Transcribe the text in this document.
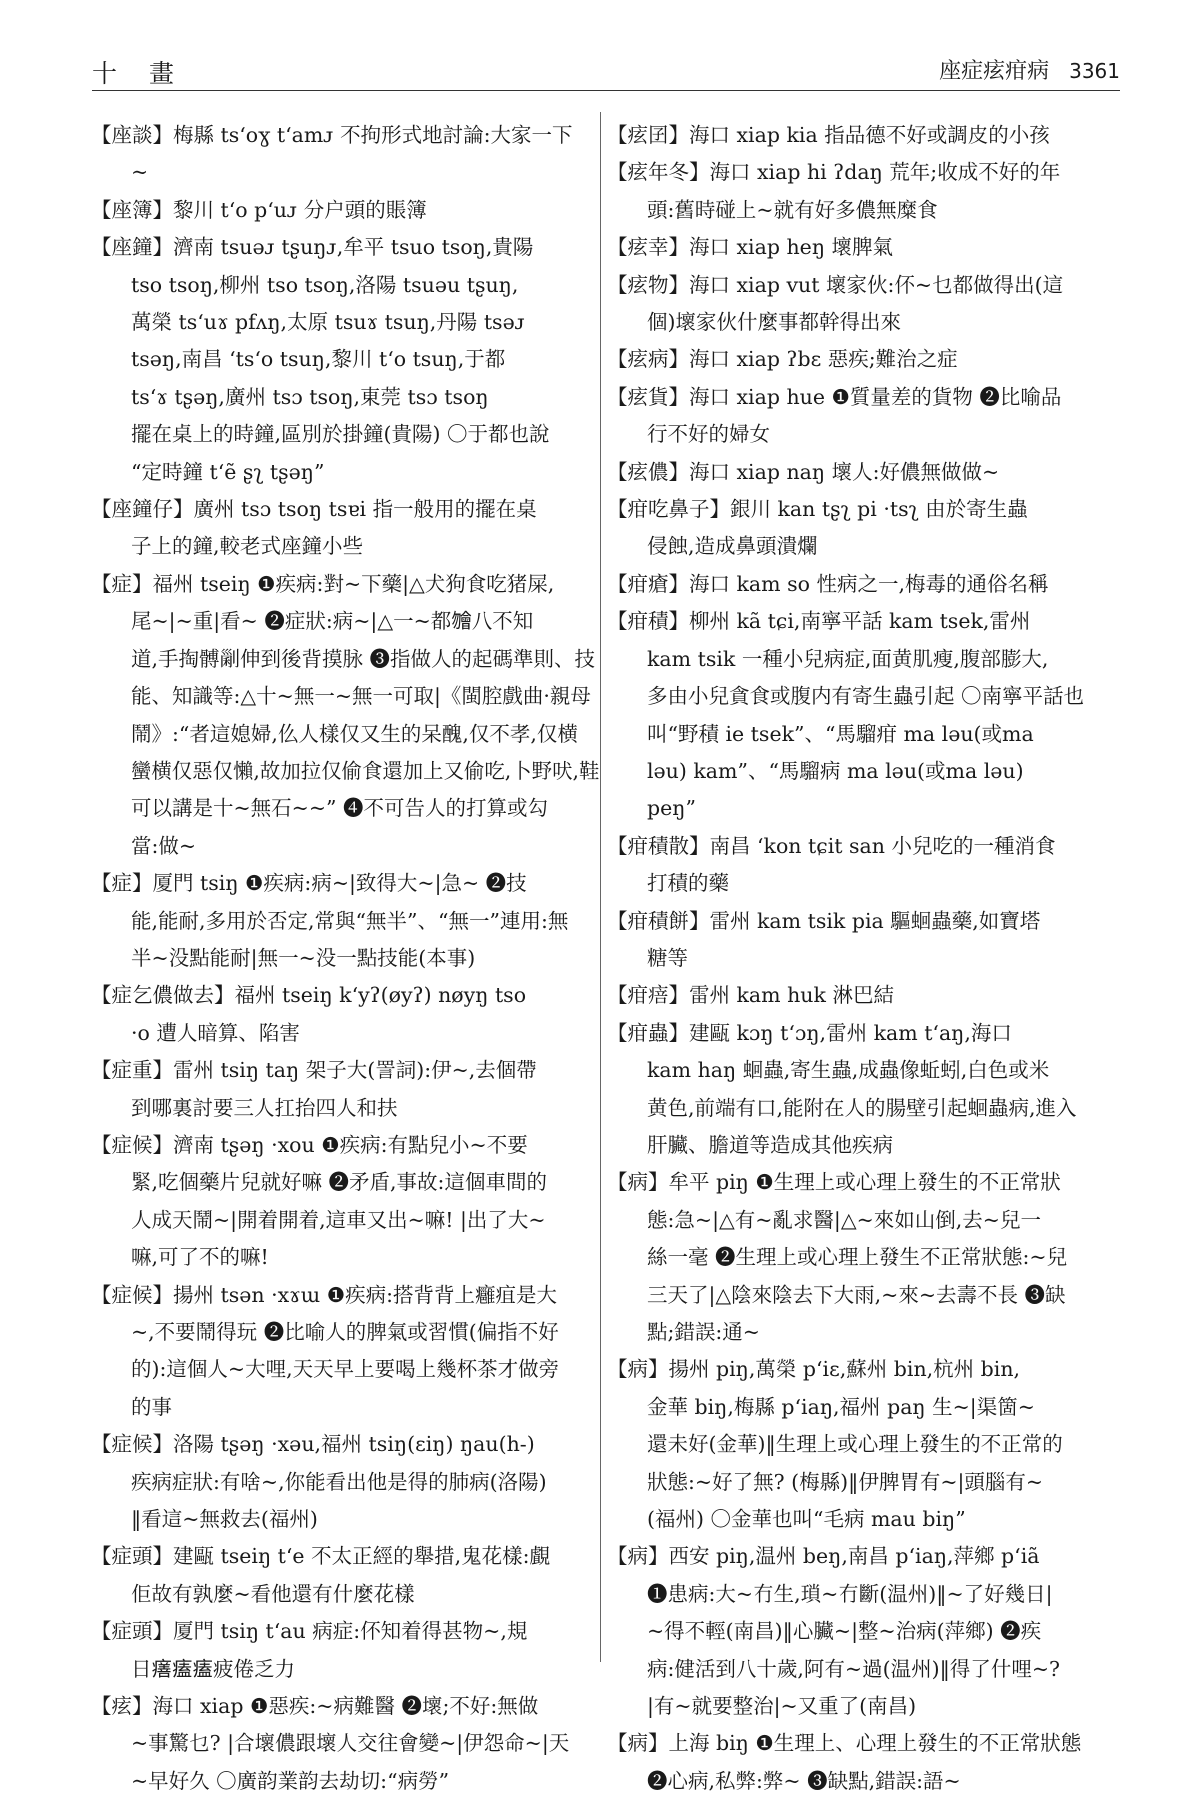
十 畫	座症痃疳病 3361
【座談】梅縣 tsʻoɣ tʻamᴊ 不拘形式地討論:大家一下
~
【座簿】黎川 tʻo pʻuᴊ 分户頭的賬簿
【座鐘】濟南 tsuəᴊ tʂuŋᴊ,牟平 tsuo tsoŋ,貴陽
tso tsoŋ,柳州 tso tsoŋ,洛陽 tsuəu tʂuŋ,
萬榮 tsʻuɤ pfʌŋ,太原 tsuɤ tsuŋ,丹陽 tsəᴊ
tsəŋ,南昌 ʻtsʻo tsuŋ,黎川 tʻo tsuŋ,于都
tsʻɤ tʂəŋ,廣州 tsɔ tsoŋ,東莞 tsɔ tsoŋ
擺在桌上的時鐘,區別於掛鐘(貴陽) 〇于都也說
“定時鐘 tʻẽ ʂʅ tʂəŋ”
【座鐘仔】廣州 tsɔ tsoŋ tsɐi 指一般用的擺在桌
子上的鐘,較老式座鐘小些
【症】福州 tseiŋ ❶疾病:對~下藥|△犬狗食吃猪屎,
尾~|~重|看~ ❷症狀:病~|△一~都𣍐八不知
道,手掏髆𠞜伸到後背摸脉 ❸指做人的起碼準則、技
能、知識等:△十~無一~無一可取|《閩腔戲曲·親母
鬧》:“者這媳婦,仫人樣仅又生的呆醜,仅不孝,仅横
蠻横仅惡仅懶,故加拉仅偷食還加上又偷吃,卜野吠,鞋
可以講是十~無石~~” ❹不可告人的打算或勾
當:做~
【症】厦門 tsiŋ ❶疾病:病~|致得大~|急~ ❷技
能,能耐,多用於否定,常與“無半”、“無一”連用:無
半~没點能耐|無一~没一點技能(本事)
【症乞儂做去】福州 tseiŋ kʻyʔ(øyʔ) nøyŋ tso
·o 遭人暗算、陷害
【症重】雷州 tsiŋ taŋ 架子大(詈詞):伊~,去個帶
到哪裏討要三人扛抬四人和扶
【症候】濟南 tʂəŋ ·xou ❶疾病:有點兒小~不要
緊,吃個藥片兒就好嘛 ❷矛盾,事故:這個車間的
人成天鬧~|開着開着,這車又出~嘛! |出了大~
嘛,可了不的嘛!
【症候】揚州 tsən ·xɤɯ ❶疾病:搭背背上癰疽是大
~,不要鬧得玩 ❷比喻人的脾氣或習慣(偏指不好
的):這個人~大哩,天天早上要喝上幾杯茶才做旁
的事
【症候】洛陽 tʂəŋ ·xəu,福州 tsiŋ(ɛiŋ) ŋau(h-)
疾病症狀:有啥~,你能看出他是得的肺病(洛陽)
‖看這~無救去(福州)
【症頭】建甌 tseiŋ tʻe 不太正經的舉措,鬼花樣:覰
佢故有孰麼~看他還有什麼花樣
【症頭】厦門 tsiŋ tʻau 病症:伓知着得甚物~,規
日𤺪𤸱𤸱疲倦乏力
【痃】海口 xiap ❶惡疾:~病難醫 ❷壞;不好:無做
~事驚乜? |合壞儂跟壞人交往會變~|伊怨命~|天
~早好久 〇廣韵業韵去劫切:“病勞”
【痃囝】海口 xiap kia 指品德不好或調皮的小孩
【痃年冬】海口 xiap hi ʔdaŋ 荒年;收成不好的年
頭:舊時碰上~就有好多儂無糜食
【痃幸】海口 xiap heŋ 壞脾氣
【痃物】海口 xiap vut 壞家伙:伓~乜都做得出(這
個)壞家伙什麼事都幹得出來
【痃病】海口 xiap ʔbɛ 惡疾;難治之症
【痃貨】海口 xiap hue ❶質量差的貨物 ❷比喻品
行不好的婦女
【痃儂】海口 xiap naŋ 壞人:好儂無做做~
【疳吃鼻子】銀川 kan tʂʅ pi ·tsʅ 由於寄生蟲
侵蝕,造成鼻頭潰爛
【疳瘡】海口 kam so 性病之一,梅毒的通俗名稱
【疳積】柳州 kã tɕi,南寧平話 kam tsek,雷州
kam tsik 一種小兒病症,面黄肌瘦,腹部膨大,
多由小兒貪食或腹内有寄生蟲引起 〇南寧平話也
叫“野積 ie tsek”、“馬騮疳 ma ləu(或ma
ləu) kam”、“馬騮病 ma ləu(或ma ləu)
peŋ”
【疳積散】南昌 ʻkon tɕit san 小兒吃的一種消食
打積的藥
【疳積餅】雷州 kam tsik pia 驅蛔蟲藥,如寶塔
糖等
【疳㾦】雷州 kam huk 淋巴結
【疳蟲】建甌 kɔŋ tʻɔŋ,雷州 kam tʻaŋ,海口
kam haŋ 蛔蟲,寄生蟲,成蟲像蚯蚓,白色或米
黄色,前端有口,能附在人的腸壁引起蛔蟲病,進入
肝臟、膽道等造成其他疾病
【病】牟平 piŋ ❶生理上或心理上發生的不正常狀
態:急~|△有~亂求醫|△~來如山倒,去~兒一
絲一毫 ❷生理上或心理上發生不正常狀態:~兒
三天了|△陰來陰去下大雨,~來~去壽不長 ❸缺
點;錯誤:通~
【病】揚州 piŋ,萬榮 pʻiɛ,蘇州 bin,杭州 bin,
金華 biŋ,梅縣 pʻiaŋ,福州 paŋ 生~|渠箇~
還未好(金華)‖生理上或心理上發生的不正常的
狀態:~好了無? (梅縣)‖伊脾胃有~|頭腦有~
(福州) 〇金華也叫“毛病 mau biŋ”
【病】西安 piŋ,温州 beŋ,南昌 pʻiaŋ,萍鄉 pʻiã
❶患病:大~冇生,瑣~冇斷(温州)‖~了好幾日|
~得不輕(南昌)‖心臟~|整~治病(萍鄉) ❷疾
病:健活到八十歲,阿有~過(温州)‖得了什哩~?
|有~就要整治|~又重了(南昌)
【病】上海 biŋ ❶生理上、心理上發生的不正常狀態
❷心病,私弊:弊~ ❸缺點,錯誤:語~
